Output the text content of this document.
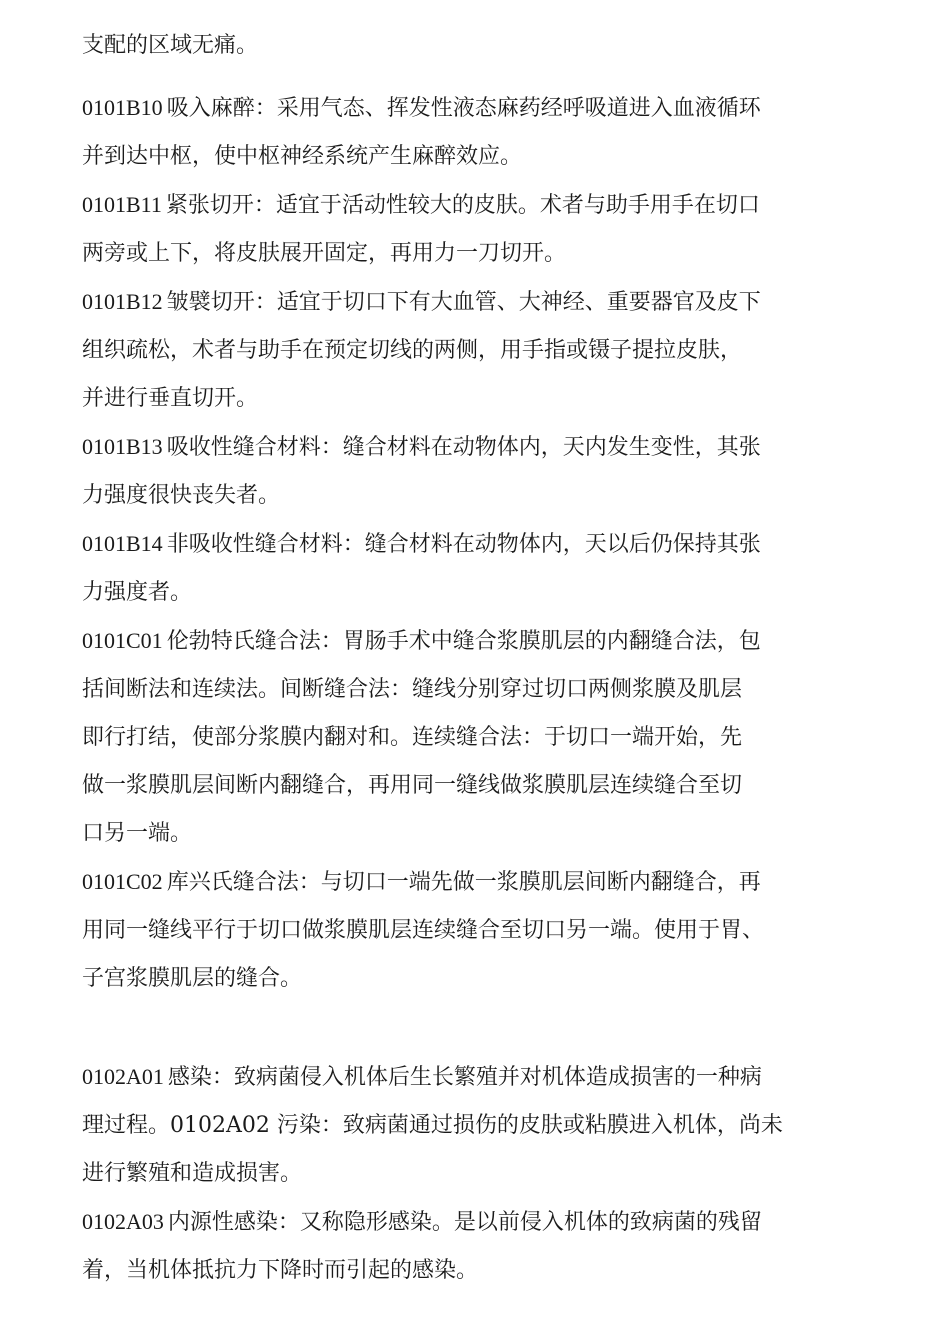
支配的区域无痛。
0101B10 吸入麻醉：采用气态、挥发性液态麻药经呼吸道进入血液循环
并到达中枢，使中枢神经系统产生麻醉效应。
0101B11 紧张切开：适宜于活动性较大的皮肤。术者与助手用手在切口
两旁或上下，将皮肤展开固定，再用力一刀切开。
0101B12 皱襞切开：适宜于切口下有大血管、大神经、重要器官及皮下
组织疏松，术者与助手在预定切线的两侧，用手指或镊子提拉皮肤，
并进行垂直切开。
0101B13 吸收性缝合材料：缝合材料在动物体内，天内发生变性，其张
力强度很快丧失者。
0101B14 非吸收性缝合材料：缝合材料在动物体内，天以后仍保持其张
力强度者。
0101C01 伦勃特氏缝合法：胃肠手术中缝合浆膜肌层的内翻缝合法，包
括间断法和连续法。间断缝合法：缝线分别穿过切口两侧浆膜及肌层
即行打结，使部分浆膜内翻对和。连续缝合法：于切口一端开始，先
做一浆膜肌层间断内翻缝合，再用同一缝线做浆膜肌层连续缝合至切
口另一端。
0101C02 库兴氏缝合法：与切口一端先做一浆膜肌层间断内翻缝合，再
用同一缝线平行于切口做浆膜肌层连续缝合至切口另一端。使用于胃、
子宫浆膜肌层的缝合。
0102A01 感染：致病菌侵入机体后生长繁殖并对机体造成损害的一种病
理过程。0102A02 污染：致病菌通过损伤的皮肤或粘膜进入机体，尚未
进行繁殖和造成损害。
0102A03 内源性感染：又称隐形感染。是以前侵入机体的致病菌的残留
着，当机体抵抗力下降时而引起的感染。
